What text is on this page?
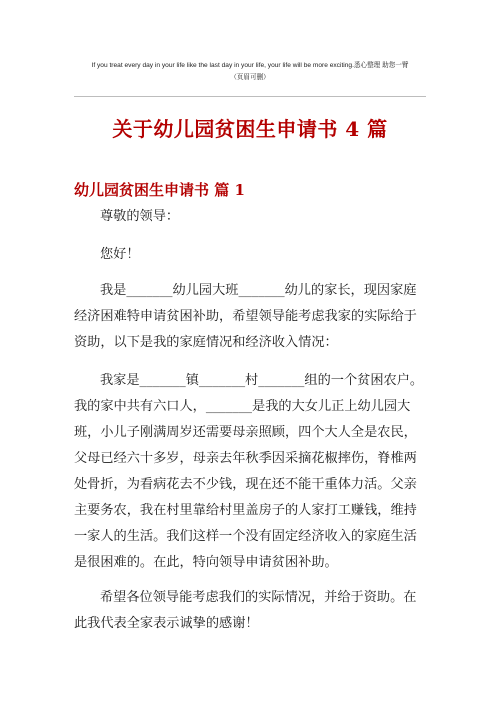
If you treat every day in your life like the last day in your life, your life will be more exciting.悉心整理 助您一臂
（页眉可删）
关于幼儿园贫困生申请书 4 篇
幼儿园贫困生申请书 篇 1
尊敬的领导：
您好！
我是_______幼儿园大班_______幼儿的家长，现因家庭经济困难特申请贫困补助，希望领导能考虑我家的实际给于资助，以下是我的家庭情况和经济收入情况：
我家是_______镇_______村_______组的一个贫困农户。我的家中共有六口人，_______是我的大女儿正上幼儿园大班，小儿子刚满周岁还需要母亲照顾，四个大人全是农民，父母已经六十多岁，母亲去年秋季因采摘花椒摔伤，脊椎两处骨折，为看病花去不少钱，现在还不能干重体力活。父亲主要务农，我在村里靠给村里盖房子的人家打工赚钱，维持一家人的生活。我们这样一个没有固定经济收入的家庭生活是很困难的。在此，特向领导申请贫困补助。
希望各位领导能考虑我们的实际情况，并给于资助。在此我代表全家表示诚挚的感谢！
